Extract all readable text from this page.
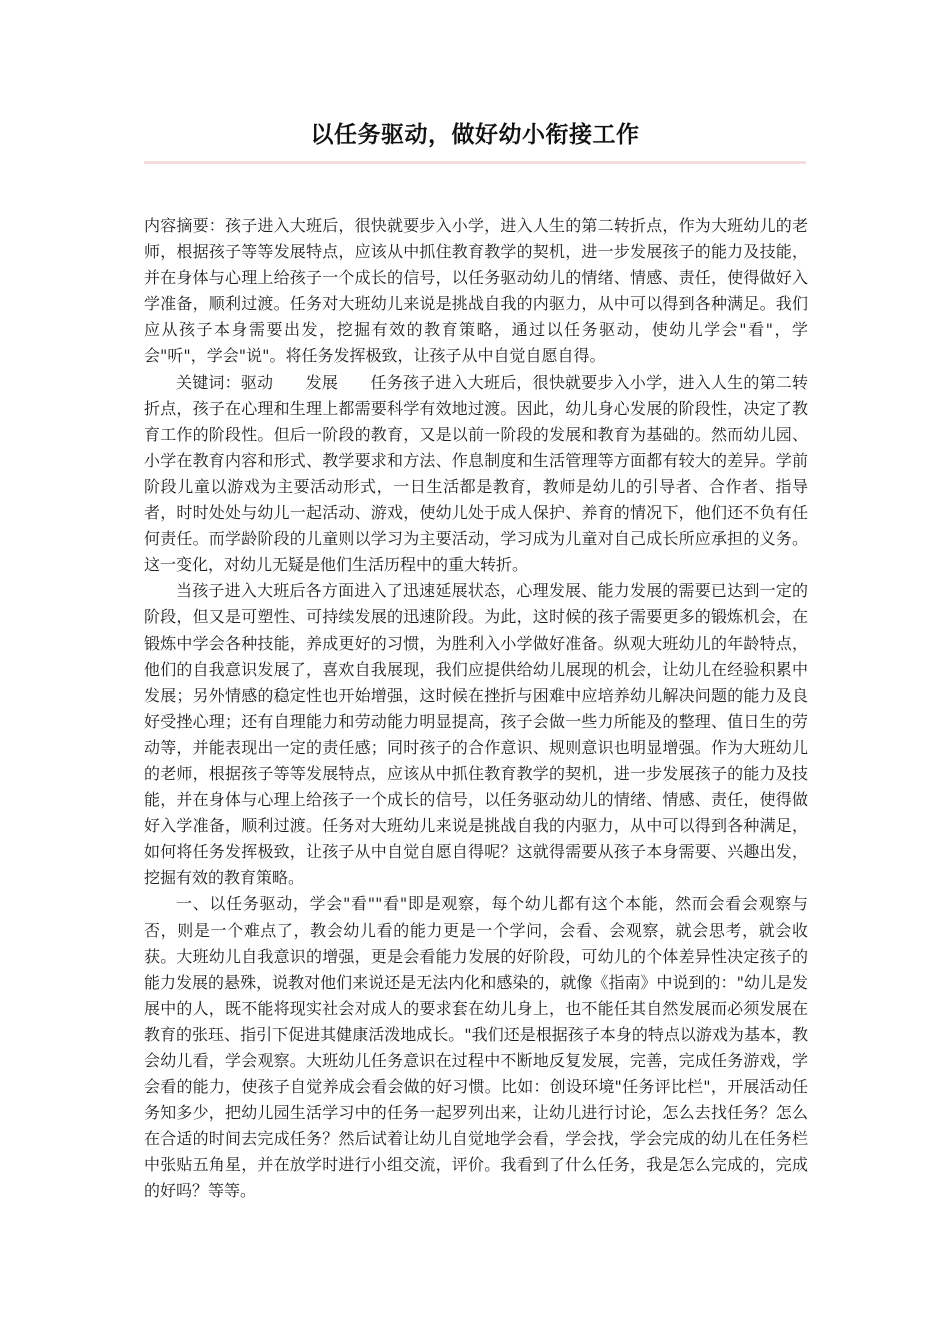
以任务驱动，做好幼小衔接工作

内容摘要：孩子进入大班后，很快就要步入小学，进入人生的第二转折点，作为大班幼儿的老师，根据孩子等等发展特点，应该从中抓住教育教学的契机，进一步发展孩子的能力及技能，并在身体与心理上给孩子一个成长的信号，以任务驱动幼儿的情绪、情感、责任，使得做好入学准备，顺利过渡。任务对大班幼儿来说是挑战自我的内驱力，从中可以得到各种满足。我们应从孩子本身需要出发，挖掘有效的教育策略，通过以任务驱动，使幼儿学会"看"，学会"听"，学会"说"。将任务发挥极致，让孩子从中自觉自愿自得。

关键词：驱动　　发展　　任务孩子进入大班后，很快就要步入小学，进入人生的第二转折点，孩子在心理和生理上都需要科学有效地过渡。因此，幼儿身心发展的阶段性，决定了教育工作的阶段性。但后一阶段的教育，又是以前一阶段的发展和教育为基础的。然而幼儿园、小学在教育内容和形式、教学要求和方法、作息制度和生活管理等方面都有较大的差异。学前阶段儿童以游戏为主要活动形式，一日生活都是教育，教师是幼儿的引导者、合作者、指导者，时时处处与幼儿一起活动、游戏，使幼儿处于成人保护、养育的情况下，他们还不负有任何责任。而学龄阶段的儿童则以学习为主要活动，学习成为儿童对自己成长所应承担的义务。这一变化，对幼儿无疑是他们生活历程中的重大转折。

当孩子进入大班后各方面进入了迅速延展状态，心理发展、能力发展的需要已达到一定的阶段，但又是可塑性、可持续发展的迅速阶段。为此，这时候的孩子需要更多的锻炼机会，在锻炼中学会各种技能，养成更好的习惯，为胜利入小学做好准备。纵观大班幼儿的年龄特点，他们的自我意识发展了，喜欢自我展现，我们应提供给幼儿展现的机会，让幼儿在经验积累中发展；另外情感的稳定性也开始增强，这时候在挫折与困难中应培养幼儿解决问题的能力及良好受挫心理；还有自理能力和劳动能力明显提高，孩子会做一些力所能及的整理、值日生的劳动等，并能表现出一定的责任感；同时孩子的合作意识、规则意识也明显增强。作为大班幼儿的老师，根据孩子等等发展特点，应该从中抓住教育教学的契机，进一步发展孩子的能力及技能，并在身体与心理上给孩子一个成长的信号，以任务驱动幼儿的情绪、情感、责任，使得做好入学准备，顺利过渡。任务对大班幼儿来说是挑战自我的内驱力，从中可以得到各种满足，如何将任务发挥极致，让孩子从中自觉自愿自得呢？这就得需要从孩子本身需要、兴趣出发，挖掘有效的教育策略。

一、以任务驱动，学会"看""看"即是观察，每个幼儿都有这个本能，然而会看会观察与否，则是一个难点了，教会幼儿看的能力更是一个学问，会看、会观察，就会思考，就会收获。大班幼儿自我意识的增强，更是会看能力发展的好阶段，可幼儿的个体差异性决定孩子的能力发展的悬殊，说教对他们来说还是无法内化和感染的，就像《指南》中说到的："幼儿是发展中的人，既不能将现实社会对成人的要求套在幼儿身上，也不能任其自然发展而必须发展在教育的张珏、指引下促进其健康活泼地成长。"我们还是根据孩子本身的特点以游戏为基本，教会幼儿看，学会观察。大班幼儿任务意识在过程中不断地反复发展，完善，完成任务游戏，学会看的能力，使孩子自觉养成会看会做的好习惯。比如：创设环境"任务评比栏"，开展活动任务知多少，把幼儿园生活学习中的任务一起罗列出来，让幼儿进行讨论，怎么去找任务？怎么在合适的时间去完成任务？然后试着让幼儿自觉地学会看，学会找，学会完成的幼儿在任务栏中张贴五角星，并在放学时进行小组交流，评价。我看到了什么任务，我是怎么完成的，完成的好吗？等等。
